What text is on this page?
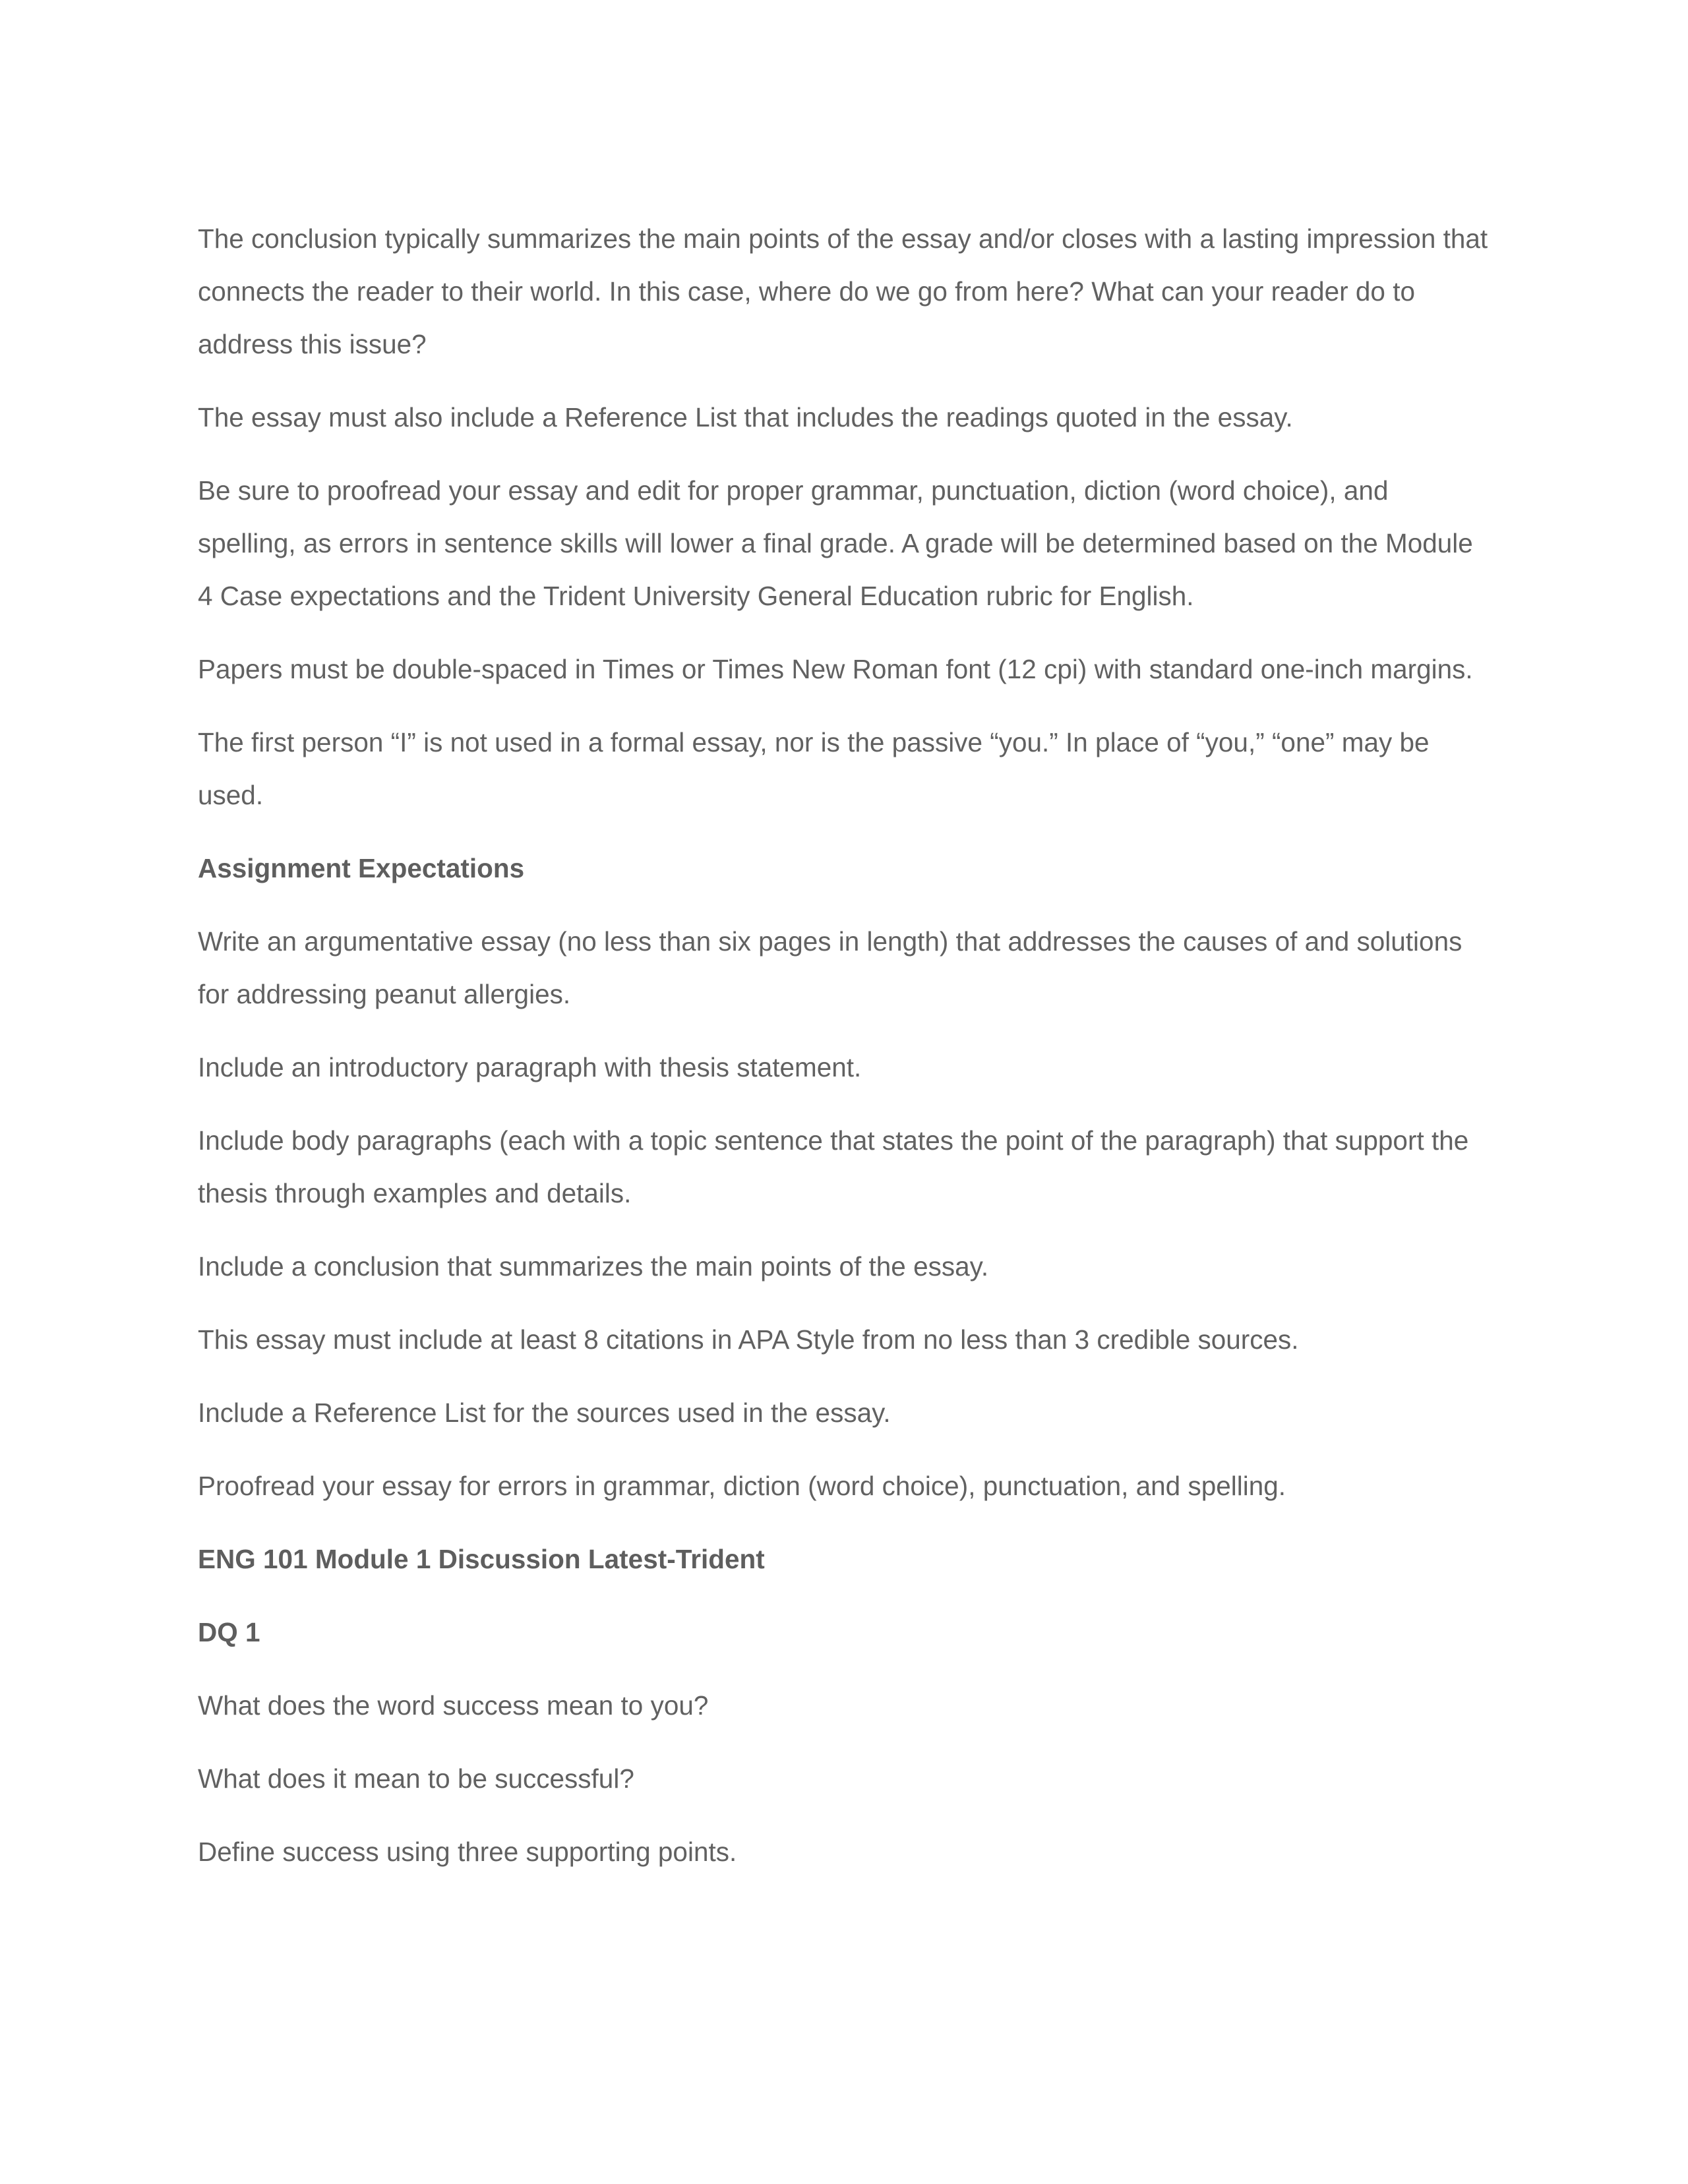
The conclusion typically summarizes the main points of the essay and/or closes with a lasting impression that connects the reader to their world. In this case, where do we go from here? What can your reader do to address this issue?

The essay must also include a Reference List that includes the readings quoted in the essay.

Be sure to proofread your essay and edit for proper grammar, punctuation, diction (word choice), and spelling, as errors in sentence skills will lower a final grade. A grade will be determined based on the Module 4 Case expectations and the Trident University General Education rubric for English.

Papers must be double-spaced in Times or Times New Roman font (12 cpi) with standard one-inch margins.

The first person “I” is not used in a formal essay, nor is the passive “you.” In place of “you,” “one” may be used.

Assignment Expectations

Write an argumentative essay (no less than six pages in length) that addresses the causes of and solutions for addressing peanut allergies.

Include an introductory paragraph with thesis statement.

Include body paragraphs (each with a topic sentence that states the point of the paragraph) that support the thesis through examples and details.

Include a conclusion that summarizes the main points of the essay.

This essay must include at least 8 citations in APA Style from no less than 3 credible sources.

Include a Reference List for the sources used in the essay.

Proofread your essay for errors in grammar, diction (word choice), punctuation, and spelling.

ENG 101 Module 1 Discussion Latest-Trident

DQ 1

What does the word success mean to you?

What does it mean to be successful?

Define success using three supporting points.
